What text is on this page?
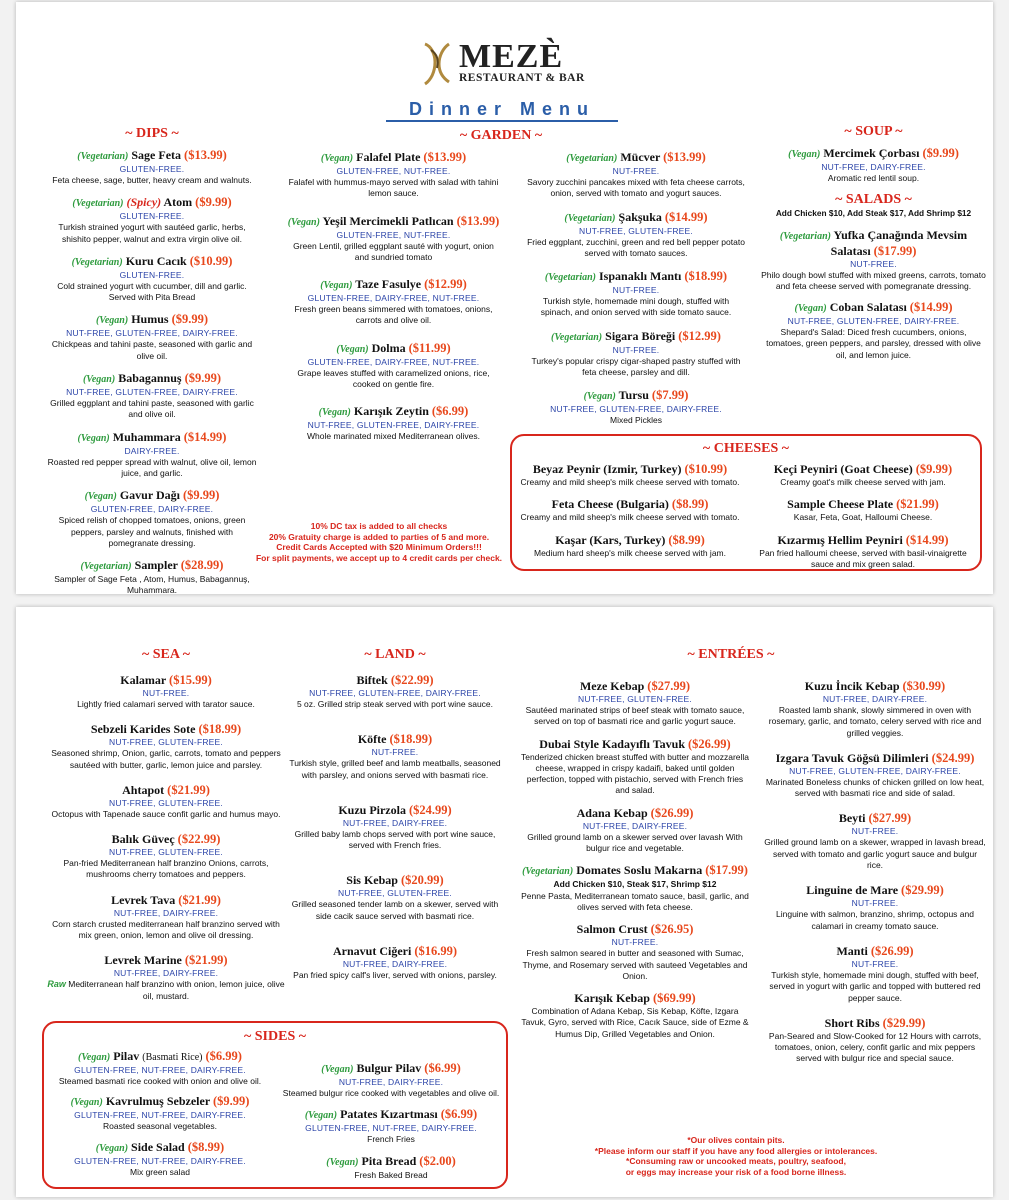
MEZÈ
RESTAURANT & BAR
Dinner Menu
~ DIPS ~
(Vegetarian) Sage Feta ($13.99)
GLUTEN-FREE.
Feta cheese, sage, butter, heavy cream and walnuts.
(Vegetarian) (Spicy) Atom ($9.99)
GLUTEN-FREE.
Turkish strained yogurt with sautéed garlic, herbs, shishito pepper, walnut and extra virgin olive oil.
(Vegetarian) Kuru Cacık ($10.99)
GLUTEN-FREE.
Cold strained yogurt with cucumber, dill and garlic. Served with Pita Bread
(Vegan) Humus ($9.99)
NUT-FREE, GLUTEN-FREE, DAIRY-FREE.
Chickpeas and tahini paste, seasoned with garlic and olive oil.
(Vegan) Babagannuş ($9.99)
NUT-FREE, GLUTEN-FREE, DAIRY-FREE.
Grilled eggplant and tahini paste, seasoned with garlic and olive oil.
(Vegan) Muhammara ($14.99)
DAIRY-FREE.
Roasted red pepper spread with walnut, olive oil, lemon juice, and garlic.
(Vegan) Gavur Dağı ($9.99)
GLUTEN-FREE, DAIRY-FREE.
Spiced relish of chopped tomatoes, onions, green peppers, parsley and walnuts, finished with pomegranate dressing.
(Vegetarian) Sampler ($28.99)
Sampler of Sage Feta , Atom, Humus, Babagannuş, Muhammara.
~ GARDEN ~
(Vegan) Falafel Plate ($13.99)
GLUTEN-FREE, NUT-FREE.
Falafel with hummus-mayo served with salad with tahini lemon sauce.
(Vegan) Yeşil Mercimekli Patlıcan ($13.99)
GLUTEN-FREE, NUT-FREE.
Green Lentil, grilled eggplant sauté with yogurt, onion and sundried tomato
(Vegan) Taze Fasulye ($12.99)
GLUTEN-FREE, DAIRY-FREE, NUT-FREE.
Fresh green beans simmered with tomatoes, onions, carrots and olive oil.
(Vegan) Dolma ($11.99)
GLUTEN-FREE, DAIRY-FREE, NUT-FREE.
Grape leaves stuffed with caramelized onions, rice, cooked on gentle fire.
(Vegan) Karışık Zeytin ($6.99)
NUT-FREE, GLUTEN-FREE, DAIRY-FREE.
Whole marinated mixed Mediterranean olives.
(Vegetarian) Mücver ($13.99)
NUT-FREE.
Savory zucchini pancakes mixed with feta cheese carrots, onion, served with tomato and yogurt sauces.
(Vegetarian) Şakşuka ($14.99)
NUT-FREE, GLUTEN-FREE.
Fried eggplant, zucchini, green and red bell pepper potato served with tomato sauces.
(Vegetarian) Ispanaklı Mantı ($18.99)
NUT-FREE.
Turkish style, homemade mini dough, stuffed with spinach, and onion served with side tomato sauce.
(Vegetarian) Sigara Böreği ($12.99)
NUT-FREE.
Turkey's popular crispy cigar-shaped pastry stuffed with feta cheese, parsley and dill.
(Vegan) Tursu ($7.99)
NUT-FREE, GLUTEN-FREE, DAIRY-FREE.
Mixed Pickles
~ SOUP ~
(Vegan) Mercimek Çorbası ($9.99)
NUT-FREE, DAIRY-FREE.
Aromatic red lentil soup.
~ SALADS ~
Add Chicken $10, Add Steak $17, Add Shrimp $12
(Vegetarian) Yufka Çanağında Mevsim Salatası ($17.99)
NUT-FREE.
Philo dough bowl stuffed with mixed greens, carrots, tomato and feta cheese served with pomegranate dressing.
(Vegan) Coban Salatası ($14.99)
NUT-FREE, GLUTEN-FREE, DAIRY-FREE.
Shepard's Salad: Diced fresh cucumbers, onions, tomatoes, green peppers, and parsley, dressed with olive oil, and lemon juice.
10% DC tax is added to all checks
20% Gratuity charge is added to parties of 5 and more.
Credit Cards Accepted with $20 Minimum Orders!!!
For split payments, we accept up to 4 credit cards per check.
~ CHEESES ~
Beyaz Peynir (Izmir, Turkey) ($10.99)
Creamy and mild sheep's milk cheese served with tomato.
Feta Cheese (Bulgaria) ($8.99)
Creamy and mild sheep's milk cheese served with tomato.
Kaşar (Kars, Turkey) ($8.99)
Medium hard sheep's milk cheese served with jam.
Keçi Peyniri (Goat Cheese) ($9.99)
Creamy goat's milk cheese served with jam.
Sample Cheese Plate ($21.99)
Kasar, Feta, Goat, Halloumi Cheese.
Kızarmış Hellim Peyniri ($14.99)
Pan fried halloumi cheese, served with basil-vinaigrette sauce and mix green salad.
~ SEA ~
Kalamar ($15.99)
NUT-FREE.
Lightly fried calamari served with tarator sauce.
Sebzeli Karides Sote ($18.99)
NUT-FREE, GLUTEN-FREE.
Seasoned shrimp, Onion, garlic, carrots, tomato and peppers sautéed with butter, garlic, lemon juice and parsley.
Ahtapot ($21.99)
NUT-FREE, GLUTEN-FREE.
Octopus with Tapenade sauce confit garlic and humus mayo.
Balık Güveç ($22.99)
NUT-FREE, GLUTEN-FREE.
Pan-fried Mediterranean half branzino Onions, carrots, mushrooms cherry tomatoes and peppers.
Levrek Tava ($21.99)
NUT-FREE, DAIRY-FREE.
Corn starch crusted mediterranean half branzino served with mix green, onion, lemon and olive oil dressing.
Levrek Marine ($21.99)
NUT-FREE, DAIRY-FREE.
Raw Mediterranean half branzino with onion, lemon juice, olive oil, mustard.
~ LAND ~
Biftek ($22.99)
NUT-FREE, GLUTEN-FREE, DAIRY-FREE.
5 oz. Grilled strip steak served with port wine sauce.
Köfte ($18.99)
NUT-FREE.
Turkish style, grilled beef and lamb meatballs, seasoned with parsley, and onions served with basmati rice.
Kuzu Pirzola ($24.99)
NUT-FREE, DAIRY-FREE.
Grilled baby lamb chops served with port wine sauce, served with French fries.
Sis Kebap ($20.99)
NUT-FREE, GLUTEN-FREE.
Grilled seasoned tender lamb on a skewer, served with side cacik sauce served with basmati rice.
Arnavut Ciğeri ($16.99)
NUT-FREE, DAIRY-FREE.
Pan fried spicy calf's liver, served with onions, parsley.
~ SIDES ~
(Vegan) Pilav (Basmati Rice) ($6.99)
GLUTEN-FREE, NUT-FREE, DAIRY-FREE.
Steamed basmati rice cooked with onion and olive oil.
(Vegan) Kavrulmuş Sebzeler ($9.99)
GLUTEN-FREE, NUT-FREE, DAIRY-FREE.
Roasted seasonal vegetables.
(Vegan) Side Salad ($8.99)
GLUTEN-FREE, NUT-FREE, DAIRY-FREE.
Mix green salad
(Vegan) Bulgur Pilav ($6.99)
NUT-FREE, DAIRY-FREE.
Steamed bulgur rice cooked with vegetables and olive oil.
(Vegan) Patates Kızartması ($6.99)
GLUTEN-FREE, NUT-FREE, DAIRY-FREE.
French Fries
(Vegan) Pita Bread ($2.00)
Fresh Baked Bread
~ ENTRÉES ~
Meze Kebap ($27.99)
NUT-FREE, GLUTEN-FREE.
Sautéed marinated strips of beef steak with tomato sauce, served on top of basmati rice and garlic yogurt sauce.
Dubai Style Kadayıflı Tavuk ($26.99)
Tenderized chicken breast stuffed with butter and mozzarella cheese, wrapped in crispy kadaifi, baked until golden perfection, topped with pistachio, served with French fries and salad.
Adana Kebap ($26.99)
NUT-FREE, DAIRY-FREE.
Grilled ground lamb on a skewer served over lavash With bulgur rice and vegetable.
(Vegetarian) Domates Soslu Makarna ($17.99)
Add Chicken $10, Steak $17, Shrimp $12
Penne Pasta, Mediterranean tomato sauce, basil, garlic, and olives served with feta cheese.
Salmon Crust ($26.95)
NUT-FREE.
Fresh salmon seared in butter and seasoned with Sumac, Thyme, and Rosemary served with sauteed Vegetables and Onion.
Karışık Kebap ($69.99)
Combination of Adana Kebap, Sis Kebap, Köfte, Izgara Tavuk, Gyro, served with Rice, Cacık Sauce, side of Ezme & Humus Dip, Grilled Vegetables and Onion.
Kuzu İncik Kebap ($30.99)
NUT-FREE, DAIRY-FREE.
Roasted lamb shank, slowly simmered in oven with rosemary, garlic, and tomato, celery served with rice and grilled veggies.
Izgara Tavuk Göğsü Dilimleri ($24.99)
NUT-FREE, GLUTEN-FREE, DAIRY-FREE.
Marinated Boneless chunks of chicken grilled on low heat, served with basmati rice and side of salad.
Beyti ($27.99)
NUT-FREE.
Grilled ground lamb on a skewer, wrapped in lavash bread, served with tomato and garlic yogurt sauce and bulgur rice.
Linguine de Mare ($29.99)
NUT-FREE.
Linguine with salmon, branzino, shrimp, octopus and calamari in creamy tomato sauce.
Manti ($26.99)
NUT-FREE.
Turkish style, homemade mini dough, stuffed with beef, served in yogurt with garlic and topped with buttered red pepper sauce.
Short Ribs ($29.99)
Pan-Seared and Slow-Cooked for 12 Hours with carrots, tomatoes, onion, celery, confit garlic and mix peppers served with bulgur rice and special sauce.
*Our olives contain pits.
*Please inform our staff if you have any food allergies or intolerances.
*Consuming raw or uncooked meats, poultry, seafood,
or eggs may increase your risk of a food borne illness.
